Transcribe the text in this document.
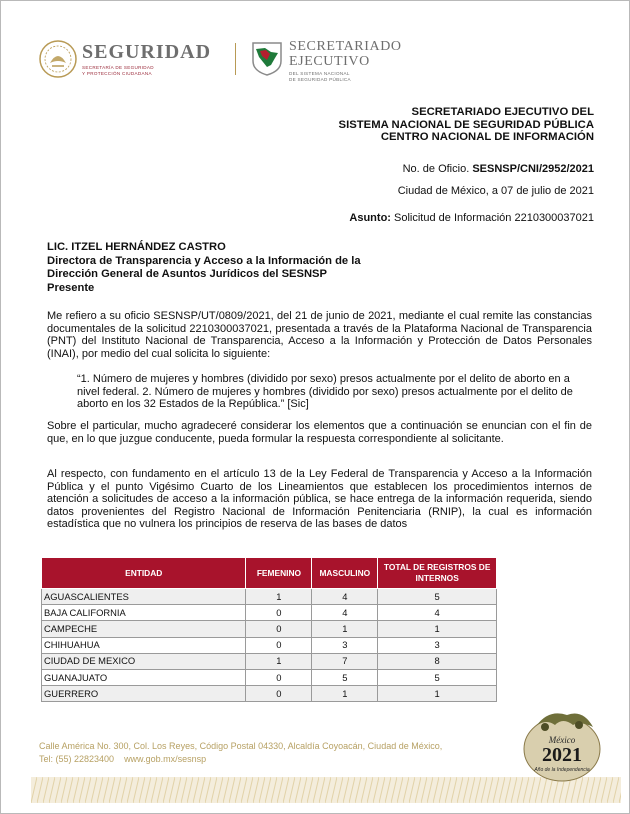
SEGURIDAD
SECRETARÍA DE SEGURIDAD
Y PROTECCIÓN CIUDADANA
SECRETARIADO
EJECUTIVO
DEL SISTEMA NACIONAL
DE SEGURIDAD PÚBLICA
SECRETARIADO EJECUTIVO DEL
SISTEMA NACIONAL DE SEGURIDAD PÚBLICA
CENTRO NACIONAL DE INFORMACIÓN
No. de Oficio. SESNSP/CNI/2952/2021
Ciudad de México, a 07 de julio de 2021
Asunto: Solicitud de Información 2210300037021
LIC. ITZEL HERNÁNDEZ CASTRO
Directora de Transparencia y Acceso a la Información de la
Dirección General de Asuntos Jurídicos del SESNSP
Presente
Me refiero a su oficio SESNSP/UT/0809/2021, del 21 de junio de 2021, mediante el cual remite las constancias documentales de la solicitud 2210300037021, presentada a través de la Plataforma Nacional de Transparencia (PNT) del Instituto Nacional de Transparencia, Acceso a la Información y Protección de Datos Personales (INAI), por medio del cual solicita lo siguiente:
“1. Número de mujeres y hombres (dividido por sexo) presos actualmente por el delito de aborto en a nivel federal. 2. Número de mujeres y hombres (dividido por sexo) presos actualmente por el delito de aborto en los 32 Estados de la República.” [Sic]
Sobre el particular, mucho agradeceré considerar los elementos que a continuación se enuncian con el fin de que, en lo que juzgue conducente, pueda formular la respuesta correspondiente al solicitante.
Al respecto, con fundamento en el artículo 13 de la Ley Federal de Transparencia y Acceso a la Información Pública y el punto Vigésimo Cuarto de los Lineamientos que establecen los procedimientos internos de atención a solicitudes de acceso a la información pública, se hace entrega de la información requerida, siendo datos provenientes del Registro Nacional de Información Penitenciaria (RNIP), la cual es información estadística que no vulnera los principios de reserva de las bases de datos
ENTIDAD	FEMENINO	MASCULINO	TOTAL DE REGISTROS DE INTERNOS
AGUASCALIENTES	1	4	5
BAJA CALIFORNIA	0	4	4
CAMPECHE	0	1	1
CHIHUAHUA	0	3	3
CIUDAD DE MEXICO	1	7	8
GUANAJUATO	0	5	5
GUERRERO	0	1	1
Calle América No. 300, Col. Los Reyes, Código Postal 04330, Alcaldía Coyoacán, Ciudad de México,
Tel: (55) 22823400 www.gob.mx/sesnsp
México
2021
Año de la Independencia
